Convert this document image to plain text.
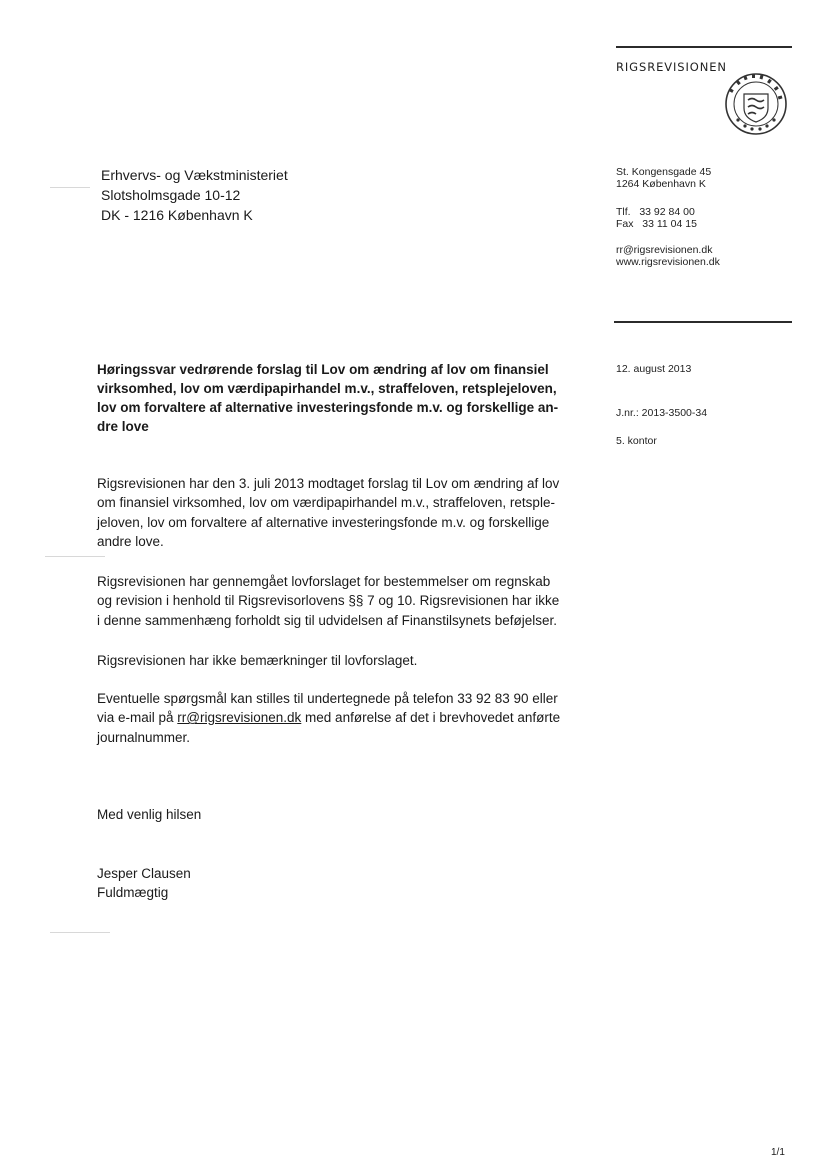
RIGSREVISIONEN
Erhvervs- og Vækstministeriet
Slotsholmsgade 10-12
DK - 1216 København K
St. Kongensgade 45
1264 København K
Tlf.   33 92 84 00
Fax   33 11 04 15
rr@rigsrevisionen.dk
www.rigsrevisionen.dk
12. august 2013
J.nr.: 2013-3500-34
5. kontor
Høringssvar vedrørende forslag til Lov om ændring af lov om finansiel
virksomhed, lov om værdipapirhandel m.v., straffeloven, retsplejeloven,
lov om forvaltere af alternative investeringsfonde m.v. og forskellige an-
dre love
Rigsrevisionen har den 3. juli 2013 modtaget forslag til Lov om ændring af lov
om finansiel virksomhed, lov om værdipapirhandel m.v., straffeloven, retsple-
jeloven, lov om forvaltere af alternative investeringsfonde m.v. og forskellige
andre love.
Rigsrevisionen har gennemgået lovforslaget for bestemmelser om regnskab
og revision i henhold til Rigsrevisorlovens §§ 7 og 10. Rigsrevisionen har ikke
i denne sammenhæng forholdt sig til udvidelsen af Finanstilsynets beføjelser.
Rigsrevisionen har ikke bemærkninger til lovforslaget.
Eventuelle spørgsmål kan stilles til undertegnede på telefon 33 92 83 90 eller
via e-mail på rr@rigsrevisionen.dk med anførelse af det i brevhovedet anførte
journalnummer.
Med venlig hilsen
Jesper Clausen
Fuldmægtig
1/1
